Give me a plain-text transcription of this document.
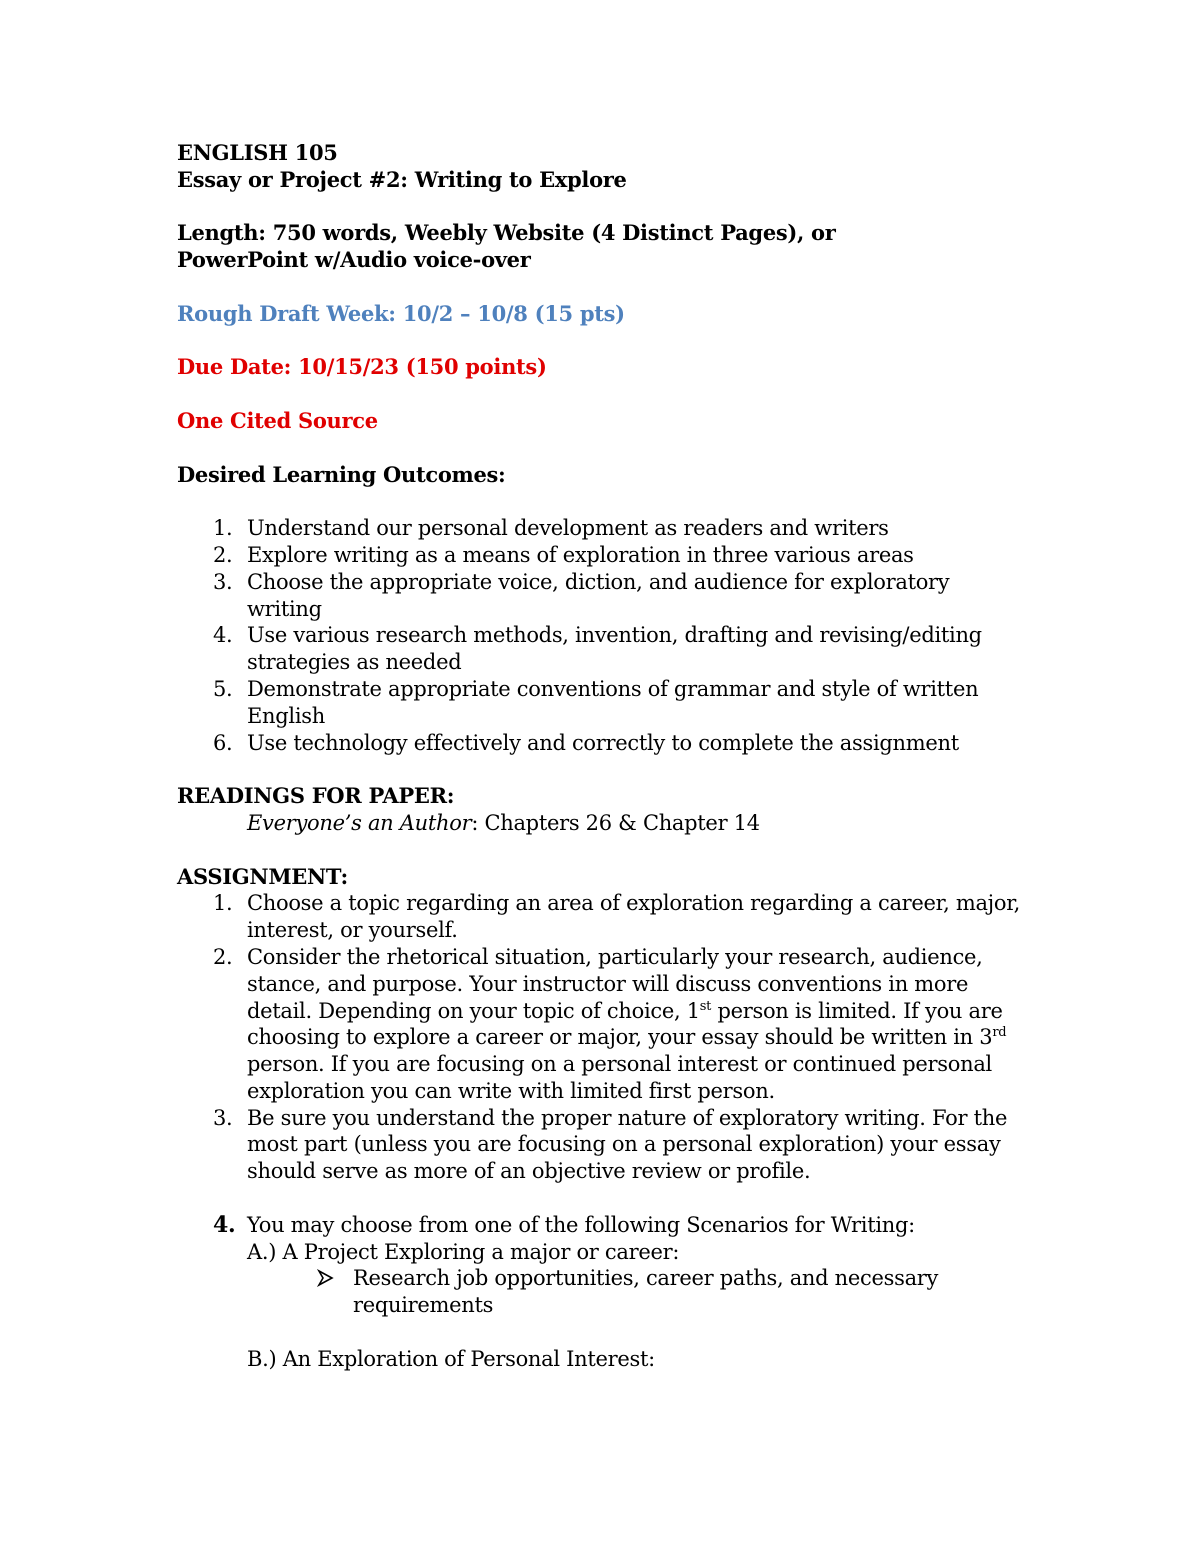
ENGLISH 105
Essay or Project #2: Writing to Explore
Length: 750 words, Weebly Website (4 Distinct Pages), or
PowerPoint w/Audio voice-over
Rough Draft Week: 10/2 – 10/8 (15 pts)
Due Date: 10/15/23 (150 points)
One Cited Source
Desired Learning Outcomes:
1. Understand our personal development as readers and writers
2. Explore writing as a means of exploration in three various areas
3. Choose the appropriate voice, diction, and audience for exploratory
writing
4. Use various research methods, invention, drafting and revising/editing
strategies as needed
5. Demonstrate appropriate conventions of grammar and style of written
English
6. Use technology effectively and correctly to complete the assignment
READINGS FOR PAPER:
Everyone’s an Author: Chapters 26 & Chapter 14
ASSIGNMENT:
1. Choose a topic regarding an area of exploration regarding a career, major,
interest, or yourself.
2. Consider the rhetorical situation, particularly your research, audience,
stance, and purpose. Your instructor will discuss conventions in more
detail. Depending on your topic of choice, 1st person is limited. If you are
choosing to explore a career or major, your essay should be written in 3rd
person. If you are focusing on a personal interest or continued personal
exploration you can write with limited first person.
3. Be sure you understand the proper nature of exploratory writing. For the
most part (unless you are focusing on a personal exploration) your essay
should serve as more of an objective review or profile.
4. You may choose from one of the following Scenarios for Writing:
A.) A Project Exploring a major or career:
Research job opportunities, career paths, and necessary
requirements
B.) An Exploration of Personal Interest:
